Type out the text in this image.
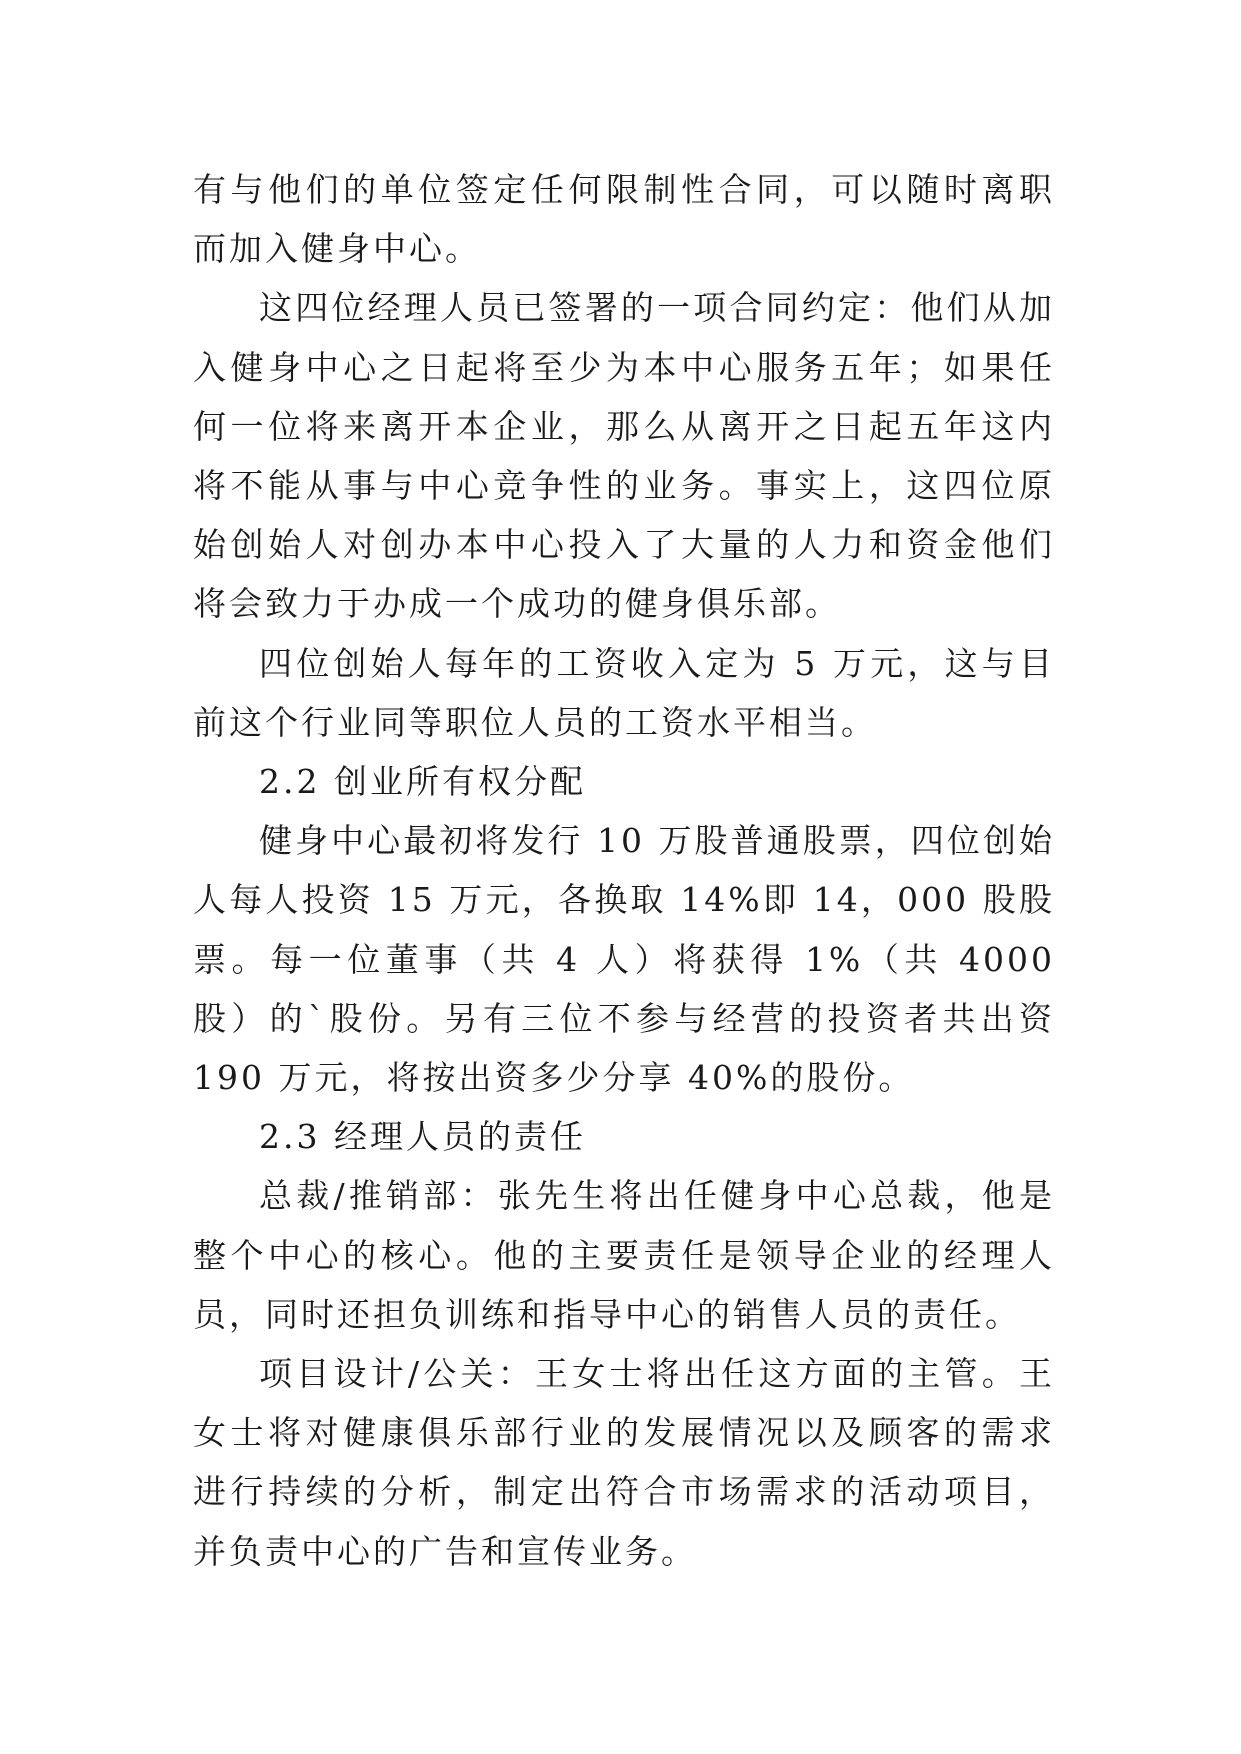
有与他们的单位签定任何限制性合同，可以随时离职而加入健身中心。

这四位经理人员已签署的一项合同约定：他们从加入健身中心之日起将至少为本中心服务五年；如果任何一位将来离开本企业，那么从离开之日起五年这内将不能从事与中心竞争性的业务。事实上，这四位原始创始人对创办本中心投入了大量的人力和资金他们将会致力于办成一个成功的健身俱乐部。

四位创始人每年的工资收入定为 5 万元，这与目前这个行业同等职位人员的工资水平相当。

2.2 创业所有权分配

健身中心最初将发行 10 万股普通股票，四位创始人每人投资 15 万元，各换取 14%即 14，000 股股票。每一位董事（共 4 人）将获得 1%（共 4000 股）的`股份。另有三位不参与经营的投资者共出资 190 万元，将按出资多少分享 40%的股份。

2.3 经理人员的责任

总裁/推销部：张先生将出任健身中心总裁，他是整个中心的核心。他的主要责任是领导企业的经理人员，同时还担负训练和指导中心的销售人员的责任。

项目设计/公关：王女士将出任这方面的主管。王女士将对健康俱乐部行业的发展情况以及顾客的需求进行持续的分析，制定出符合市场需求的活动项目，并负责中心的广告和宣传业务。
